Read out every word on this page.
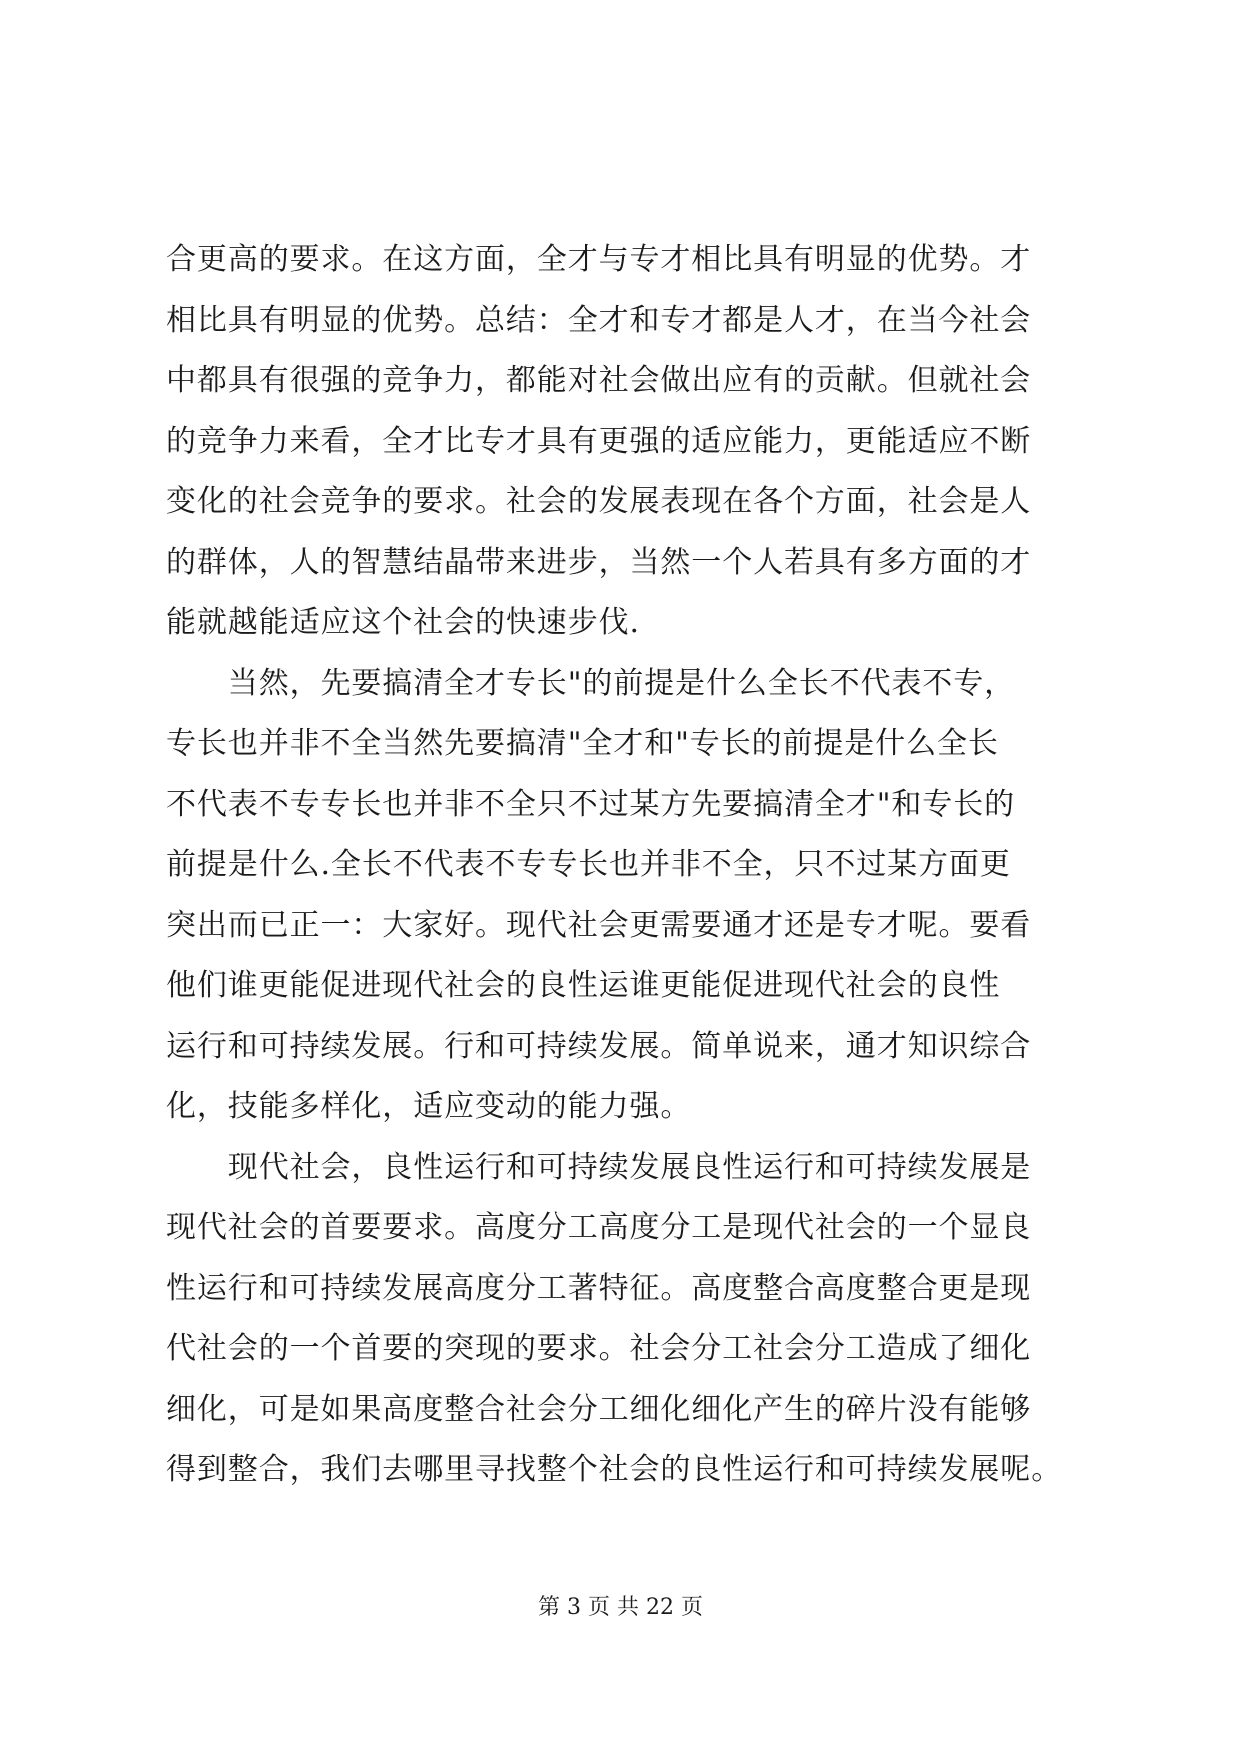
合更高的要求。在这方面，全才与专才相比具有明显的优势。才
相比具有明显的优势。总结：全才和专才都是人才，在当今社会
中都具有很强的竞争力，都能对社会做出应有的贡献。但就社会
的竞争力来看，全才比专才具有更强的适应能力，更能适应不断
变化的社会竞争的要求。社会的发展表现在各个方面，社会是人
的群体，人的智慧结晶带来进步，当然一个人若具有多方面的才
能就越能适应这个社会的快速步伐.
　　当然，先要搞清全才专长"的前提是什么全长不代表不专，
专长也并非不全当然先要搞清"全才和"专长的前提是什么全长
不代表不专专长也并非不全只不过某方先要搞清全才"和专长的
前提是什么.全长不代表不专专长也并非不全，只不过某方面更
突出而已正一：大家好。现代社会更需要通才还是专才呢。要看
他们谁更能促进现代社会的良性运谁更能促进现代社会的良性
运行和可持续发展。行和可持续发展。简单说来，通才知识综合
化，技能多样化，适应变动的能力强。
　　现代社会，良性运行和可持续发展良性运行和可持续发展是
现代社会的首要要求。高度分工高度分工是现代社会的一个显良
性运行和可持续发展高度分工著特征。高度整合高度整合更是现
代社会的一个首要的突现的要求。社会分工社会分工造成了细化
细化，可是如果高度整合社会分工细化细化产生的碎片没有能够
得到整合，我们去哪里寻找整个社会的良性运行和可持续发展呢。
第 3 页 共 22 页
